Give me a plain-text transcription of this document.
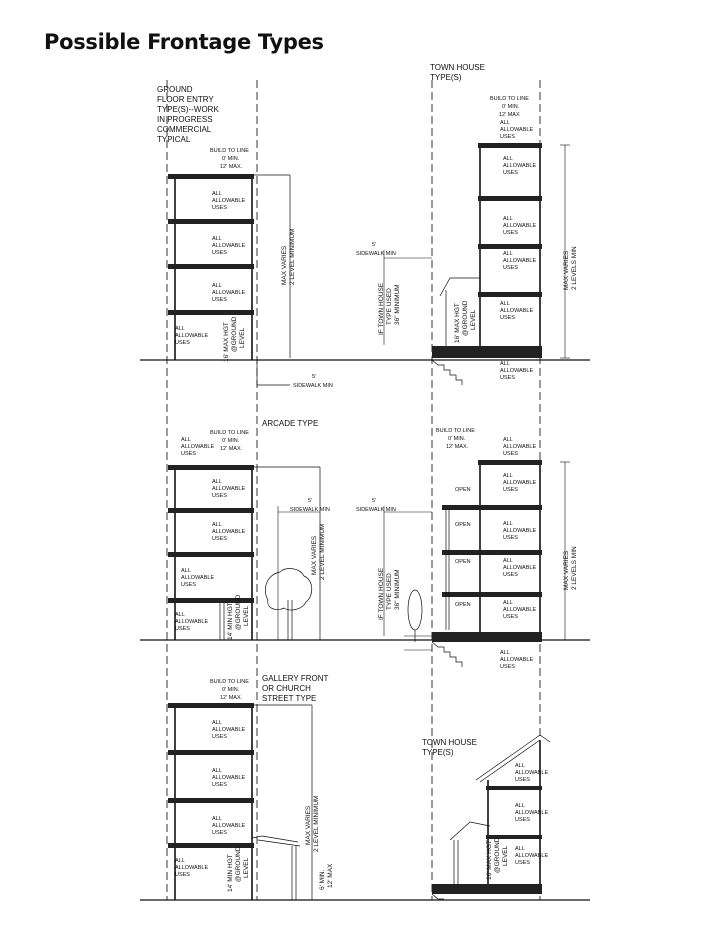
Possible Frontage Types
GROUND
FLOOR ENTRY
TYPE(S)--WORK
IN PROGRESS
COMMERCIAL
TYPICAL
BUILD TO LINE
0' MIN.
12' MAX.
TOWN HOUSE
TYPE(S)
BUILD TO LINE
0' MIN.
12' MAX
ALL
ALLOWABLE
USES
ALL
ALLOWABLE
USES
ALL
ALLOWABLE
USES
ALL
ALLOWABLE
USES
ALL
ALLOWABLE
USES
ALL
ALLOWABLE
USES
ALL
ALLOWABLE
USES
ALL
ALLOWABLE
USES
ALL
ALLOWABLE
USES
ALL
ALLOWABLE
USES
5'
SIDEWALK MIN
5'
SIDEWALK MIN
MAX VARIES 2 LEVEL MINIMUM
IF TOWN HOUSE TYPE USED 36" MINIMUM
16' MAX HGT @GROUND LEVEL	16' MAX HGT @GROUND LEVEL
MAX VARIES 2 LEVELS MIN
ARCADE TYPE
BUILD TO LINE
0' MIN.
12' MAX.
BUILD TO LINE
0' MIN.
12' MAX.
ALL
ALLOWABLE
USES
ALL
ALLOWABLE
USES
ALL
ALLOWABLE
USES
ALL
ALLOWABLE
USES
ALL
ALLOWABLE
USES
ALL
ALLOWABLE
USES
ALL
ALLOWABLE
USES
ALL
ALLOWABLE
USES
ALL
ALLOWABLE
USES
ALL
ALLOWABLE
USES
ALL
ALLOWABLE
USES
OPEN
OPEN
OPEN
OPEN
5'
SIDEWALK MIN
5'
SIDEWALK MIN
MAX VARIES 2 LEVEL MINIMUM
IF TOWN HOUSE TYPE USED 36" MINIMUM
14' MIN HGT @GROUND LEVEL
MAX VARIES 2 LEVELS MIN
BUILD TO LINE
0' MIN.
12' MAX.
GALLERY FRONT
OR CHURCH
STREET TYPE
TOWN HOUSE
TYPE(S)
ALL
ALLOWABLE
USES
ALL
ALLOWABLE
USES
ALL
ALLOWABLE
USES
ALL
ALLOWABLE
USES
ALL
ALLOWABLE
USES
ALL
ALLOWABLE
USES
ALL
ALLOWABLE
USES
MAX VARIES 2 LEVEL MINIMUM
6' MIN. 12' MAX
14' MIN HGT @GROUND LEVEL	16' MAX HGT @GROUND LEVEL
